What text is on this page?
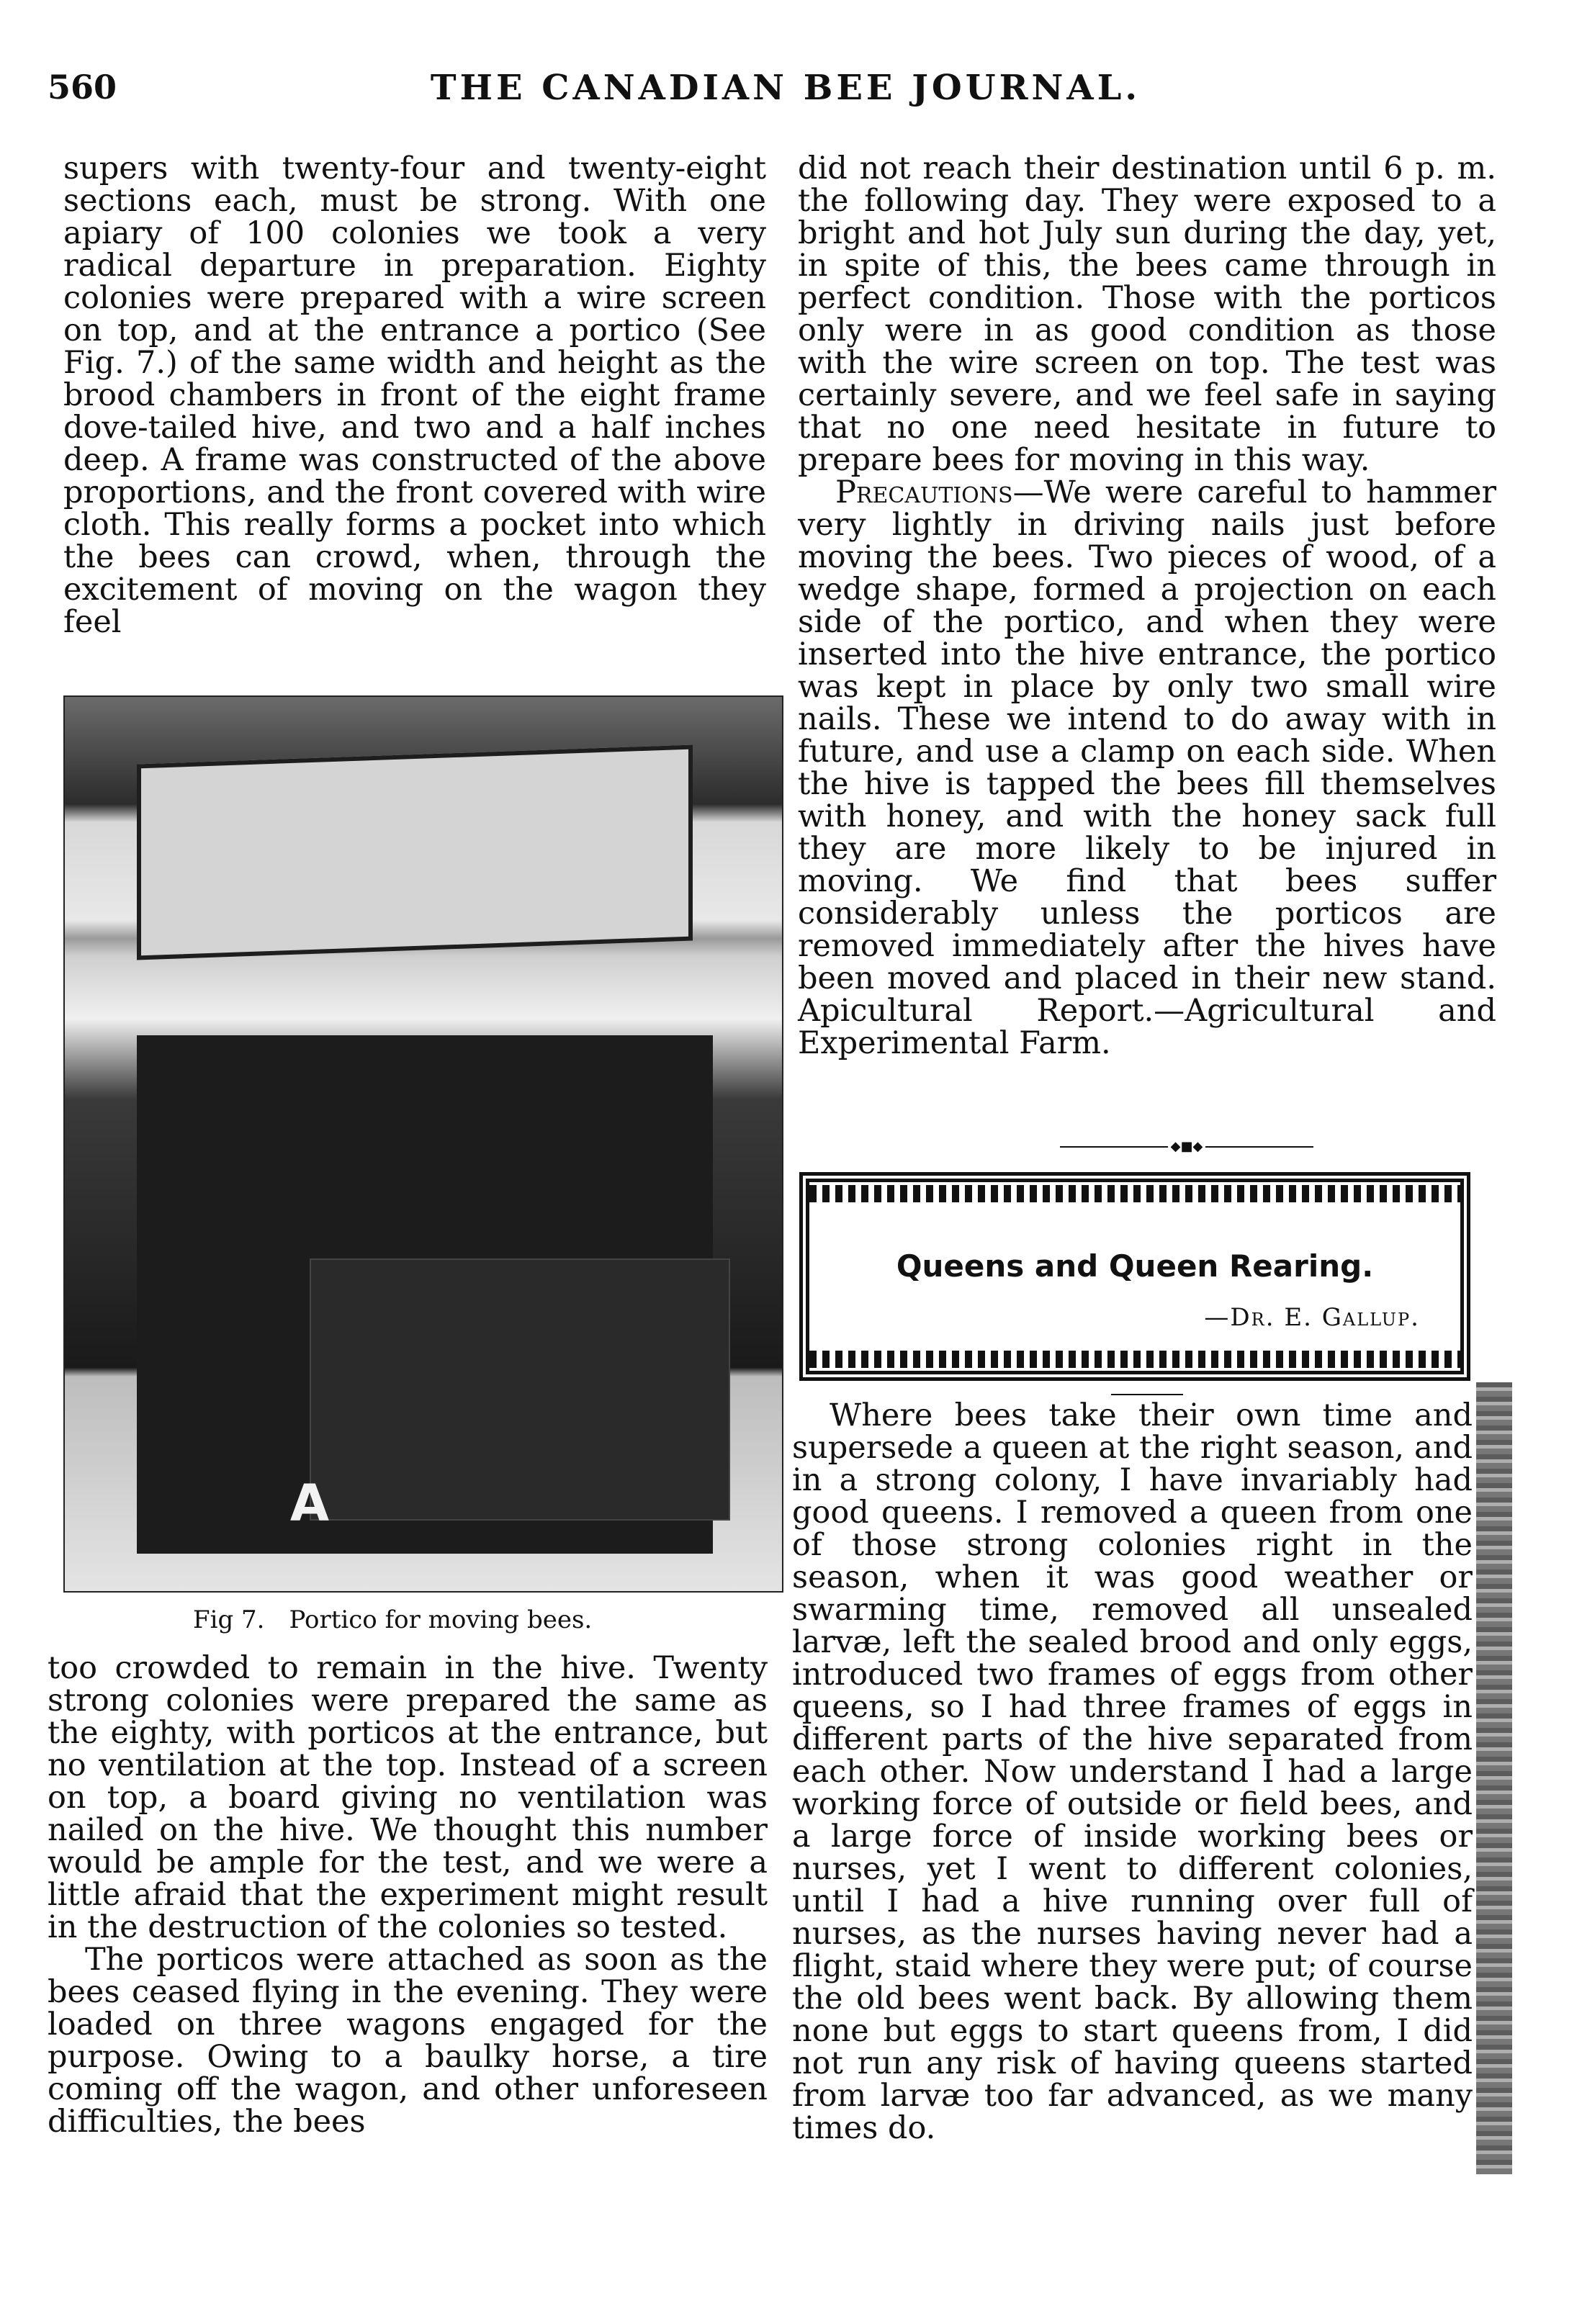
560	THE CANADIAN BEE JOURNAL.

supers with twenty-four and twenty-eight sections each, must be strong. With one apiary of 100 colonies we took a very radical departure in preparation. Eighty colonies were prepared with a wire screen on top, and at the entrance a portico (See Fig. 7.) of the same width and height as the brood chambers in front of the eight frame dove-tailed hive, and two and a half inches deep. A frame was constructed of the above proportions, and the front covered with wire cloth. This really forms a pocket into which the bees can crowd, when, through the excitement of moving on the wagon they feel

A
Fig 7. Portico for moving bees.

too crowded to remain in the hive. Twenty strong colonies were prepared the same as the eighty, with porticos at the entrance, but no ventilation at the top. Instead of a screen on top, a board giving no ventilation was nailed on the hive. We thought this number would be ample for the test, and we were a little afraid that the experiment might result in the destruction of the colonies so tested.

The porticos were attached as soon as the bees ceased flying in the evening. They were loaded on three wagons engaged for the purpose. Owing to a baulky horse, a tire coming off the wagon, and other unforeseen difficulties, the bees

did not reach their destination until 6 p. m. the following day. They were exposed to a bright and hot July sun during the day, yet, in spite of this, the bees came through in perfect condition. Those with the porticos only were in as good condition as those with the wire screen on top. The test was certainly severe, and we feel safe in saying that no one need hesitate in future to prepare bees for moving in this way.

Precautions—We were careful to hammer very lightly in driving nails just before moving the bees. Two pieces of wood, of a wedge shape, formed a projection on each side of the portico, and when they were inserted into the hive entrance, the portico was kept in place by only two small wire nails. These we intend to do away with in future, and use a clamp on each side. When the hive is tapped the bees fill themselves with honey, and with the honey sack full they are more likely to be injured in moving. We find that bees suffer considerably unless the porticos are removed immediately after the hives have been moved and placed in their new stand. Apicultural Report.—Agricultural and Experimental Farm.

◆■◆
Queens and Queen Rearing.
—Dr. E. Gallup.

Where bees take their own time and supersede a queen at the right season, and in a strong colony, I have invariably had good queens. I removed a queen from one of those strong colonies right in the season, when it was good weather or swarming time, removed all unsealed larvæ, left the sealed brood and only eggs, introduced two frames of eggs from other queens, so I had three frames of eggs in different parts of the hive separated from each other. Now understand I had a large working force of outside or field bees, and a large force of inside working bees or nurses, yet I went to different colonies, until I had a hive running over full of nurses, as the nurses having never had a flight, staid where they were put; of course the old bees went back. By allowing them none but eggs to start queens from, I did not run any risk of having queens started from larvæ too far advanced, as we many times do.
